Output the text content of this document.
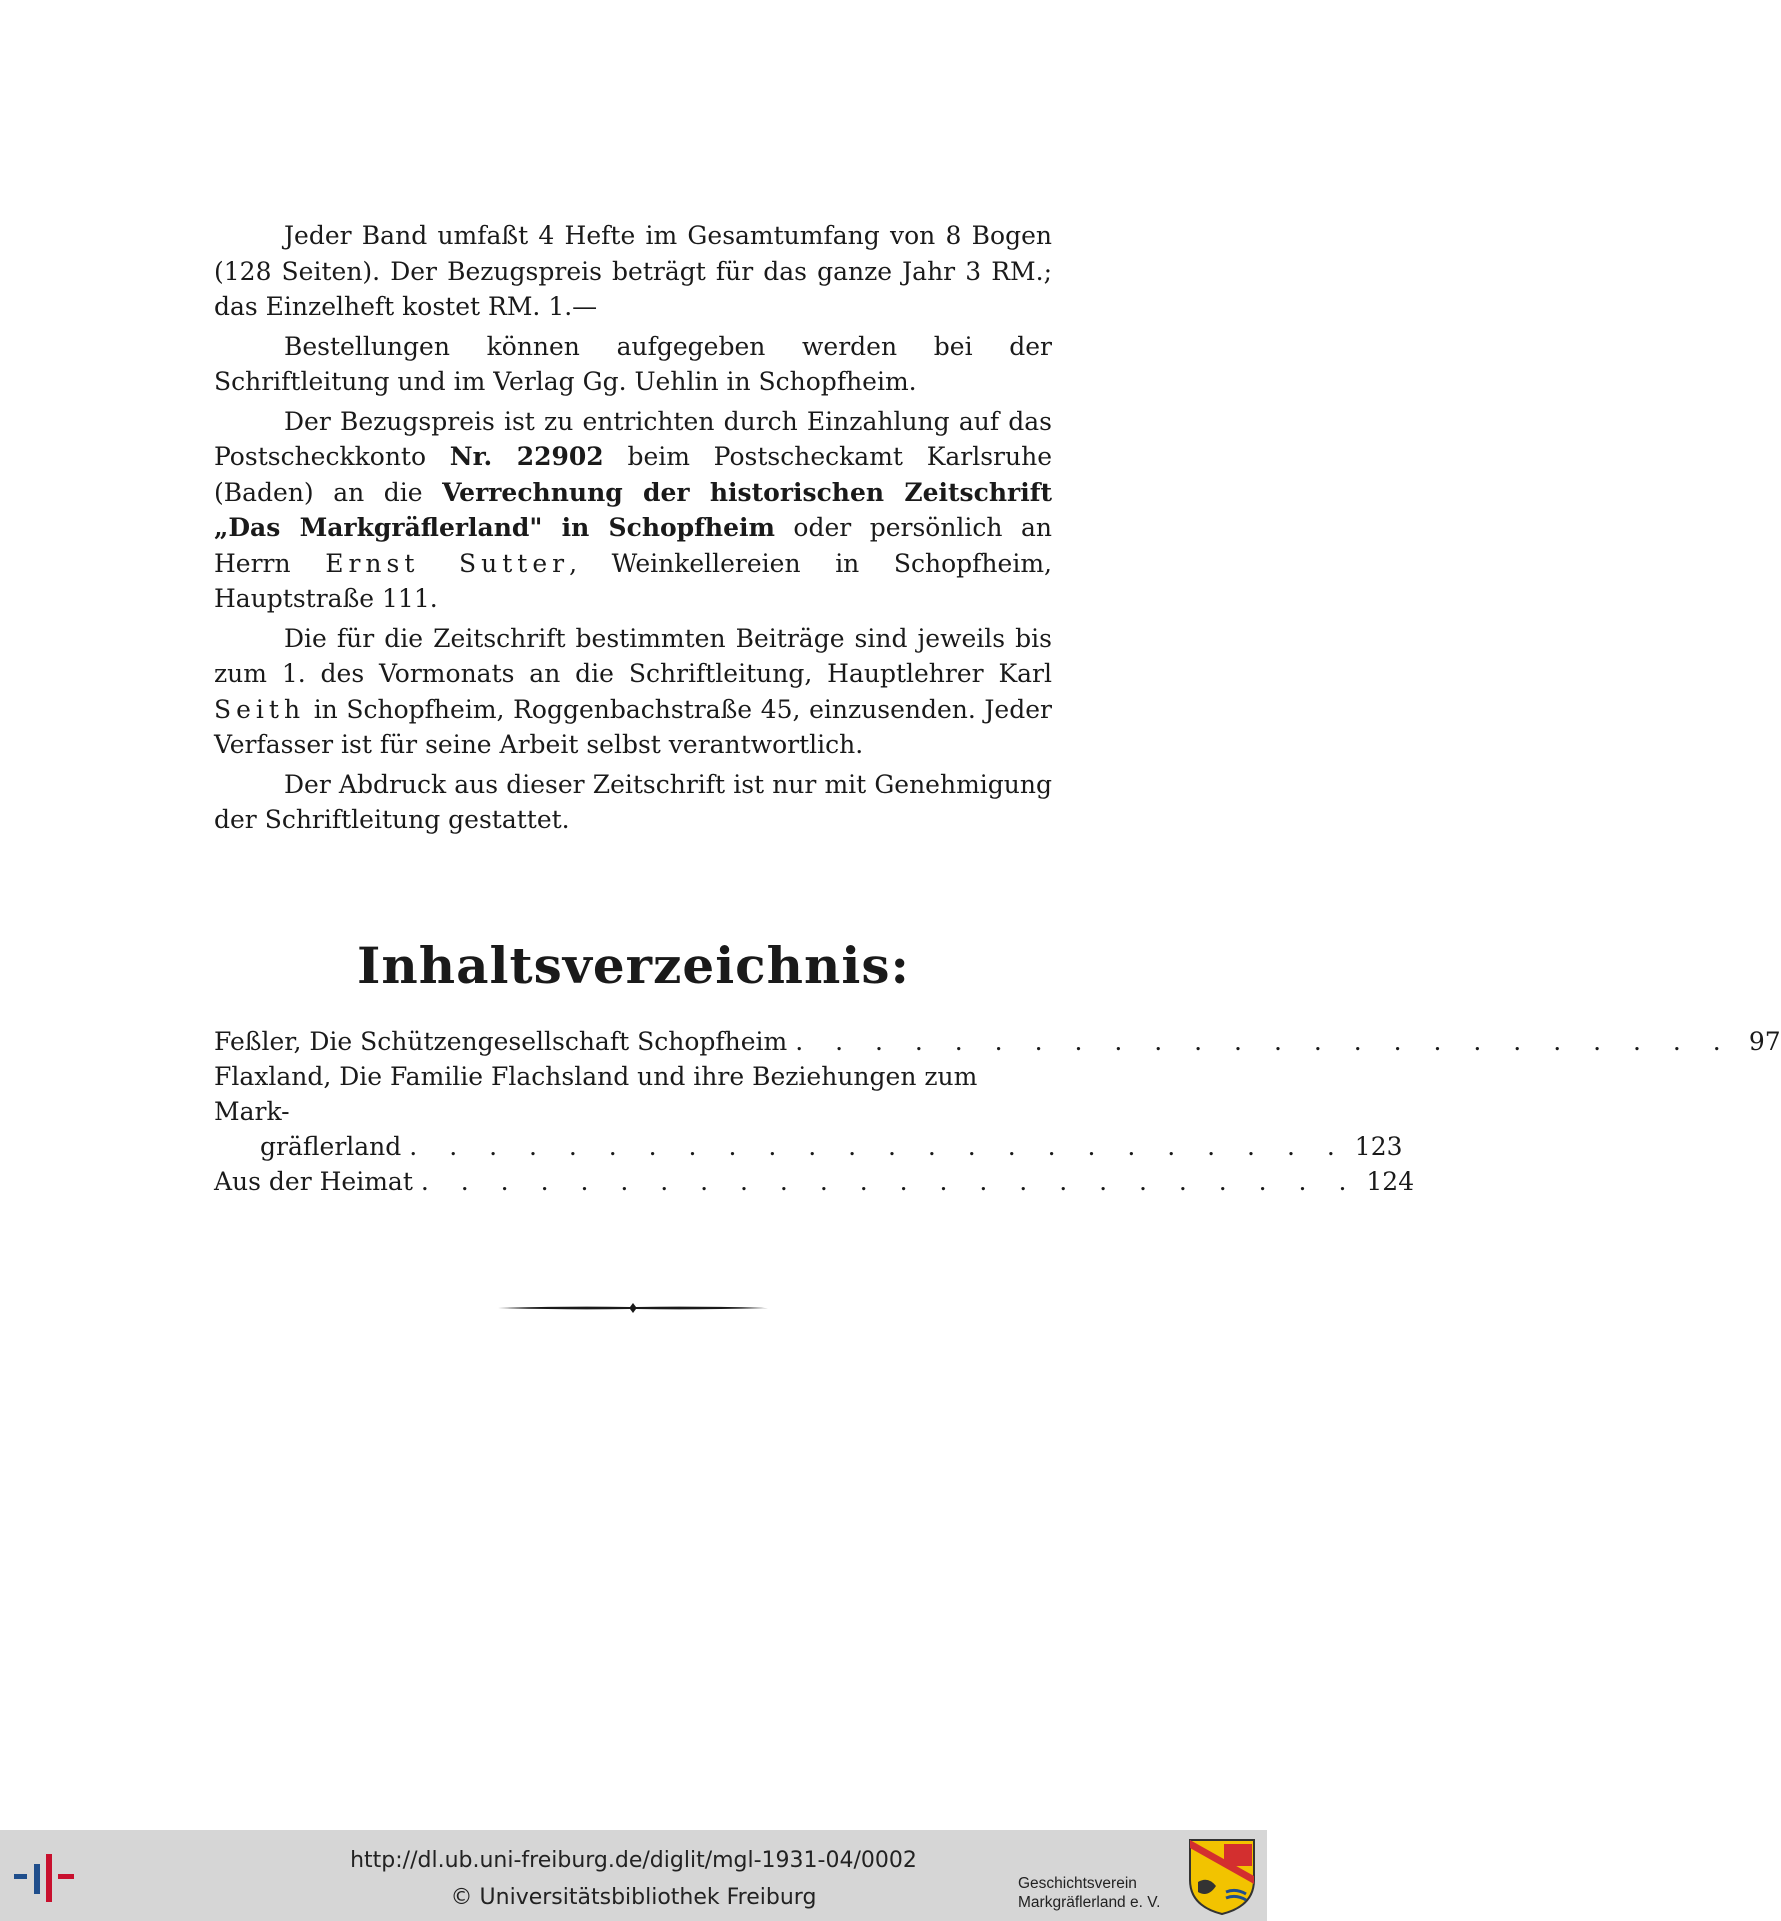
Jeder Band umfaßt 4 Hefte im Gesamtumfang von 8 Bogen (128 Seiten). Der Bezugspreis beträgt für das ganze Jahr 3 RM.; das Einzelheft kostet RM. 1.—

Bestellungen können aufgegeben werden bei der Schriftleitung und im Verlag Gg. Uehlin in Schopfheim.

Der Bezugspreis ist zu entrichten durch Einzahlung auf das Postscheckkonto Nr. 22902 beim Postscheckamt Karlsruhe (Baden) an die Verrechnung der historischen Zeitschrift „Das Markgräflerland" in Schopfheim oder persönlich an Herrn Ernst Sutter, Weinkellereien in Schopfheim, Hauptstraße 111.

Die für die Zeitschrift bestimmten Beiträge sind jeweils bis zum 1. des Vormonats an die Schriftleitung, Hauptlehrer Karl Seith in Schopfheim, Roggenbachstraße 45, einzusenden. Jeder Verfasser ist für seine Arbeit selbst verantwortlich.

Der Abdruck aus dieser Zeitschrift ist nur mit Genehmigung der Schriftleitung gestattet.

Inhaltsverzeichnis:
Feßler, Die Schützengesellschaft Schopfheim . . . . . . . . . . . . . . . . . . . . . . . . 97
Flaxland, Die Familie Flachsland und ihre Beziehungen zum Mark-
gräflerland . . . . . . . . . . . . . . . . . . . . . . . . 123
Aus der Heimat . . . . . . . . . . . . . . . . . . . . . . . . 124
http://dl.ub.uni-freiburg.de/diglit/mgl-1931-04/0002
© Universitätsbibliothek Freiburg
Geschichtsverein
Markgräflerland e. V.
